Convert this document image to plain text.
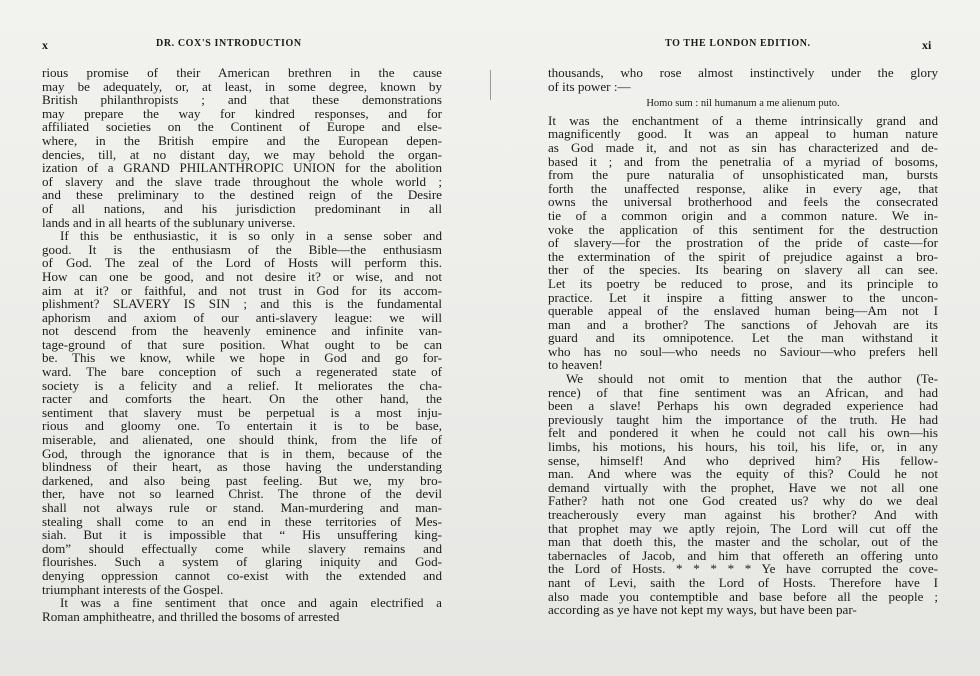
x	DR. COX'S INTRODUCTION
rious promise of their American brethren in the cause
may be adequately, or, at least, in some degree, known by
British philanthropists ; and that these demonstrations
may prepare the way for kindred responses, and for
affiliated societies on the Continent of Europe and else-
where, in the British empire and the European depen-
dencies, till, at no distant day, we may behold the organ-
ization of a GRAND PHILANTHROPIC UNION for the abolition
of slavery and the slave trade throughout the whole world ;
and these preliminary to the destined reign of the Desire
of all nations, and his jurisdiction predominant in all
lands and in all hearts of the sublunary universe.
If this be enthusiastic, it is so only in a sense sober and
good. It is the enthusiasm of the Bible—the enthusiasm
of God. The zeal of the Lord of Hosts will perform this.
How can one be good, and not desire it? or wise, and not
aim at it? or faithful, and not trust in God for its accom-
plishment? SLAVERY IS SIN ; and this is the fundamental
aphorism and axiom of our anti-slavery league: we will
not descend from the heavenly eminence and infinite van-
tage-ground of that sure position. What ought to be can
be. This we know, while we hope in God and go for-
ward. The bare conception of such a regenerated state of
society is a felicity and a relief. It meliorates the cha-
racter and comforts the heart. On the other hand, the
sentiment that slavery must be perpetual is a most inju-
rious and gloomy one. To entertain it is to be base,
miserable, and alienated, one should think, from the life of
God, through the ignorance that is in them, because of the
blindness of their heart, as those having the understanding
darkened, and also being past feeling. But we, my bro-
ther, have not so learned Christ. The throne of the devil
shall not always rule or stand. Man-murdering and man-
stealing shall come to an end in these territories of Mes-
siah. But it is impossible that “ His unsuffering king-
dom” should effectually come while slavery remains and
flourishes. Such a system of glaring iniquity and God-
denying oppression cannot co-exist with the extended and
triumphant interests of the Gospel.
It was a fine sentiment that once and again electrified a
Roman amphitheatre, and thrilled the bosoms of arrested
TO THE LONDON EDITION.	xi
thousands, who rose almost instinctively under the glory
of its power :—
Homo sum : nil humanum a me alienum puto.
It was the enchantment of a theme intrinsically grand and
magnificently good. It was an appeal to human nature
as God made it, and not as sin has characterized and de-
based it ; and from the penetralia of a myriad of bosoms,
from the pure naturalia of unsophisticated man, bursts
forth the unaffected response, alike in every age, that
owns the universal brotherhood and feels the consecrated
tie of a common origin and a common nature. We in-
voke the application of this sentiment for the destruction
of slavery—for the prostration of the pride of caste—for
the extermination of the spirit of prejudice against a bro-
ther of the species. Its bearing on slavery all can see.
Let its poetry be reduced to prose, and its principle to
practice. Let it inspire a fitting answer to the uncon-
querable appeal of the enslaved human being—Am not I
man and a brother? The sanctions of Jehovah are its
guard and its omnipotence. Let the man withstand it
who has no soul—who needs no Saviour—who prefers hell
to heaven!
We should not omit to mention that the author (Te-
rence) of that fine sentiment was an African, and had
been a slave! Perhaps his own degraded experience had
previously taught him the importance of the truth. He had
felt and pondered it when he could not call his own—his
limbs, his motions, his hours, his toil, his life, or, in any
sense, himself! And who deprived him? His fellow-
man. And where was the equity of this? Could he not
demand virtually with the prophet, Have we not all one
Father? hath not one God created us? why do we deal
treacherously every man against his brother? And with
that prophet may we aptly rejoin, The Lord will cut off the
man that doeth this, the master and the scholar, out of the
tabernacles of Jacob, and him that offereth an offering unto
the Lord of Hosts. * * * * * Ye have corrupted the cove-
nant of Levi, saith the Lord of Hosts. Therefore have I
also made you contemptible and base before all the people ;
according as ye have not kept my ways, but have been par-
